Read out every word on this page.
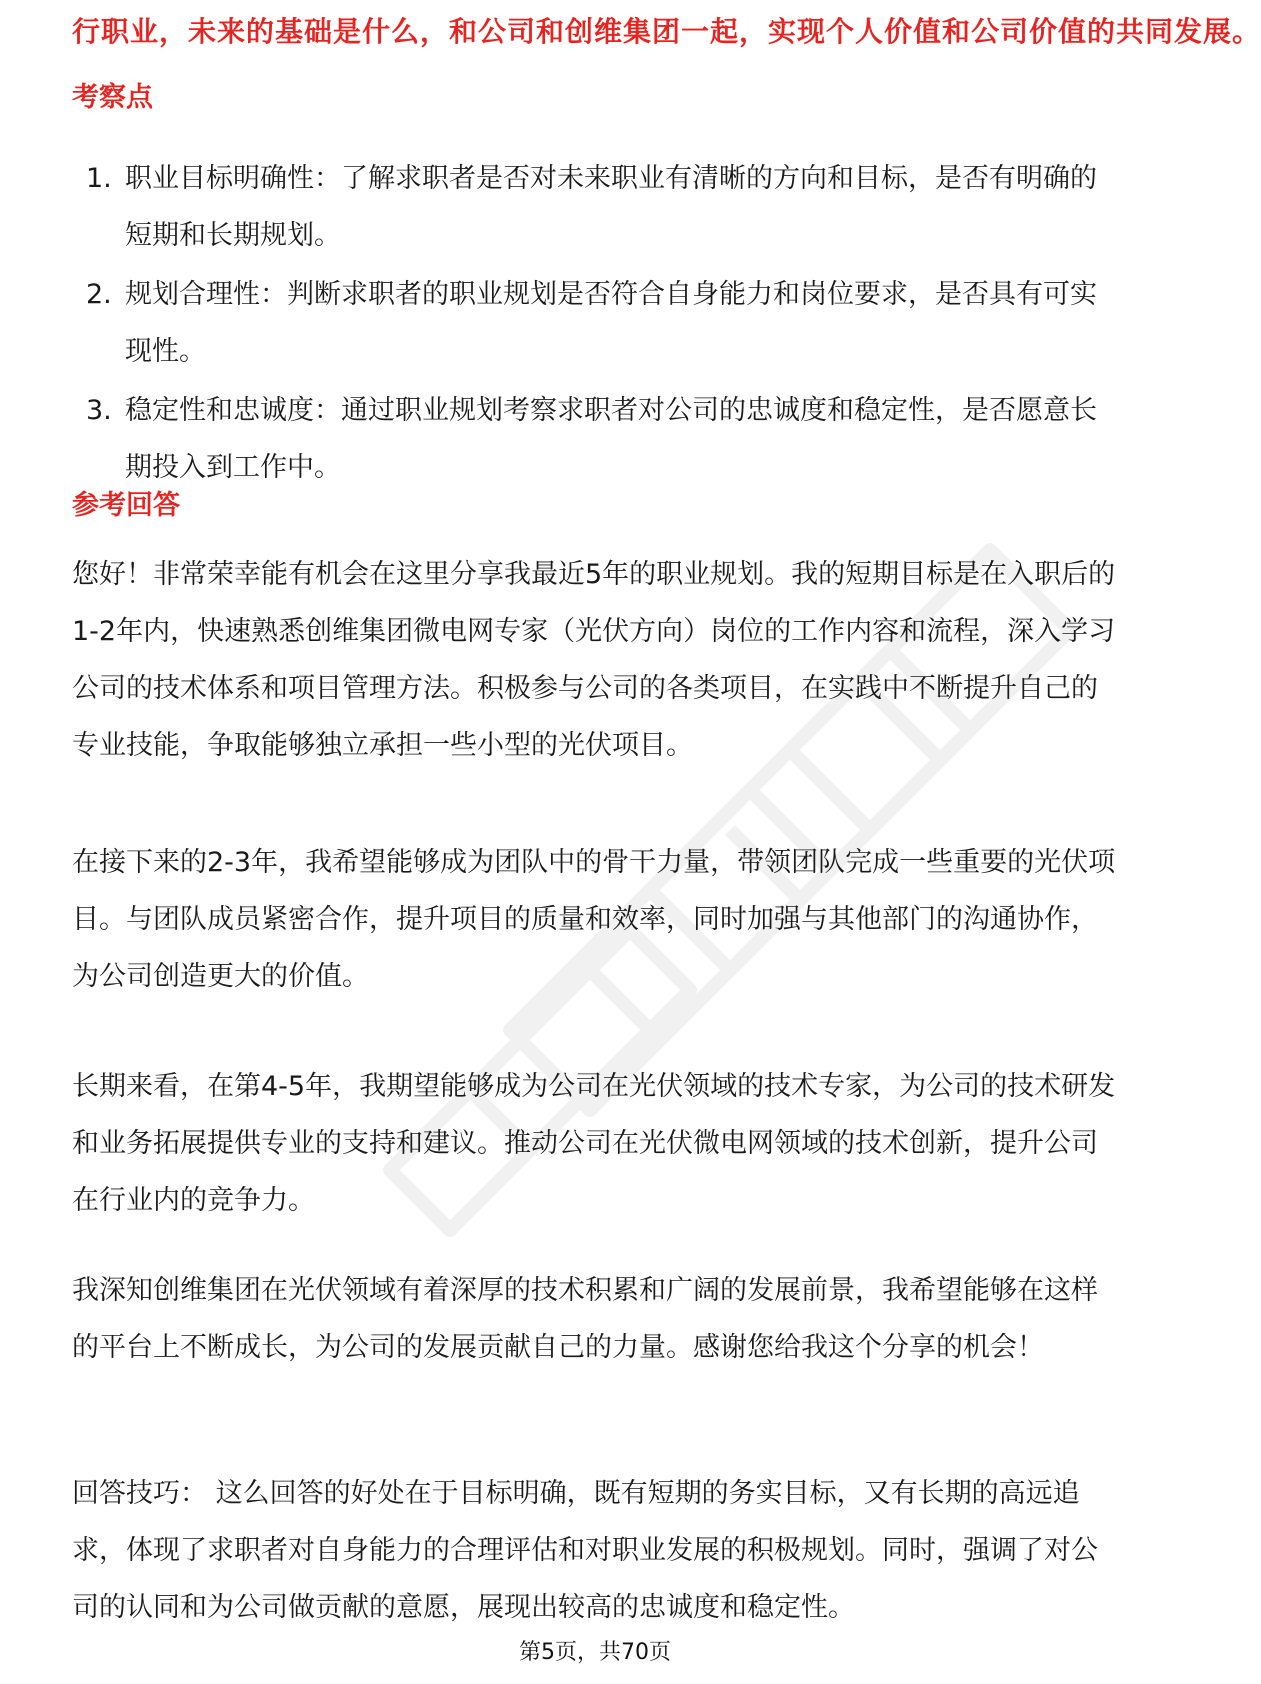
行职业，未来的基础是什么，和公司和创维集团一起，实现个人价值和公司价值的共同发展。
考察点
1. 职业目标明确性：了解求职者是否对未来职业有清晰的方向和目标，是否有明确的短期和长期规划。
2. 规划合理性：判断求职者的职业规划是否符合自身能力和岗位要求，是否具有可实现性。
3. 稳定性和忠诚度：通过职业规划考察求职者对公司的忠诚度和稳定性，是否愿意长期投入到工作中。
参考回答

您好！非常荣幸能有机会在这里分享我最近5年的职业规划。我的短期目标是在入职后的1-2年内，快速熟悉创维集团微电网专家（光伏方向）岗位的工作内容和流程，深入学习公司的技术体系和项目管理方法。积极参与公司的各类项目，在实践中不断提升自己的专业技能，争取能够独立承担一些小型的光伏项目。

在接下来的2-3年，我希望能够成为团队中的骨干力量，带领团队完成一些重要的光伏项目。与团队成员紧密合作，提升项目的质量和效率，同时加强与其他部门的沟通协作，为公司创造更大的价值。

长期来看，在第4-5年，我期望能够成为公司在光伏领域的技术专家，为公司的技术研发和业务拓展提供专业的支持和建议。推动公司在光伏微电网领域的技术创新，提升公司在行业内的竞争力。

我深知创维集团在光伏领域有着深厚的技术积累和广阔的发展前景，我希望能够在这样的平台上不断成长，为公司的发展贡献自己的力量。感谢您给我这个分享的机会！

回答技巧： 这么回答的好处在于目标明确，既有短期的务实目标，又有长期的高远追求，体现了求职者对自身能力的合理评估和对职业发展的积极规划。同时，强调了对公司的认同和为公司做贡献的意愿，展现出较高的忠诚度和稳定性。

第5页，共70页
